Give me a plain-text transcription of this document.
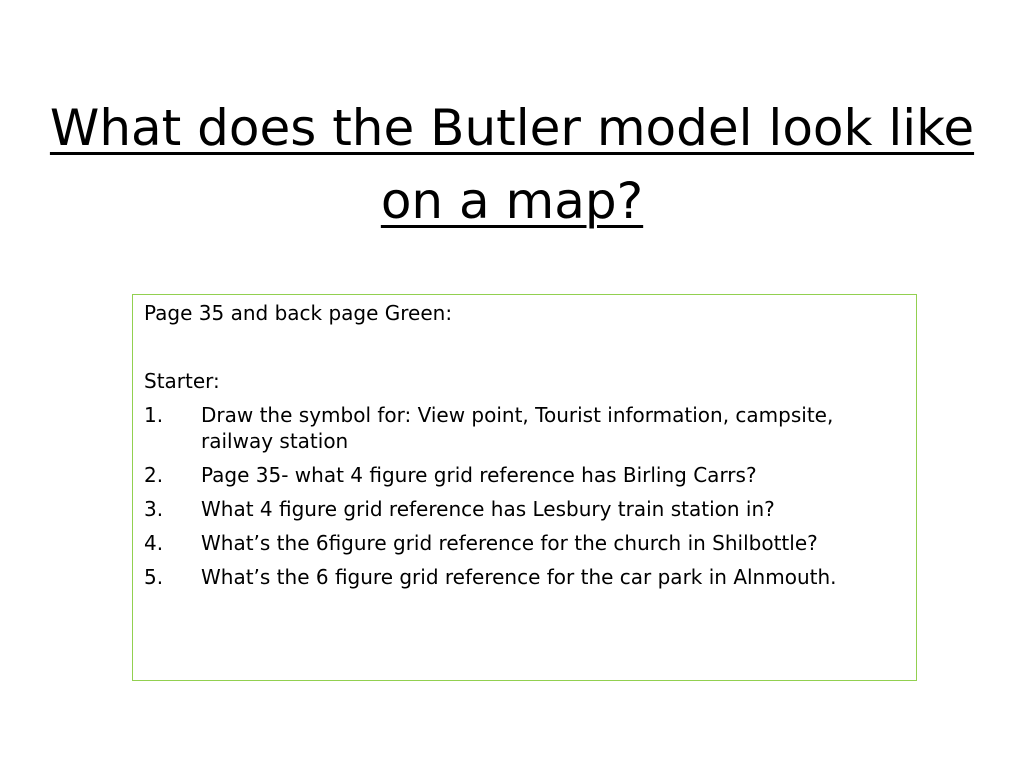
What does the Butler model look like on a map?
Page 35 and back page Green:
Starter:
1.	Draw the symbol for: View point, Tourist information, campsite, railway station
2.	Page 35- what 4 figure grid reference has Birling Carrs?
3.	What 4 figure grid reference has Lesbury train station in?
4.	What’s the 6figure grid reference for the church in Shilbottle?
5.	What’s the 6 figure grid reference for the car park in Alnmouth.
